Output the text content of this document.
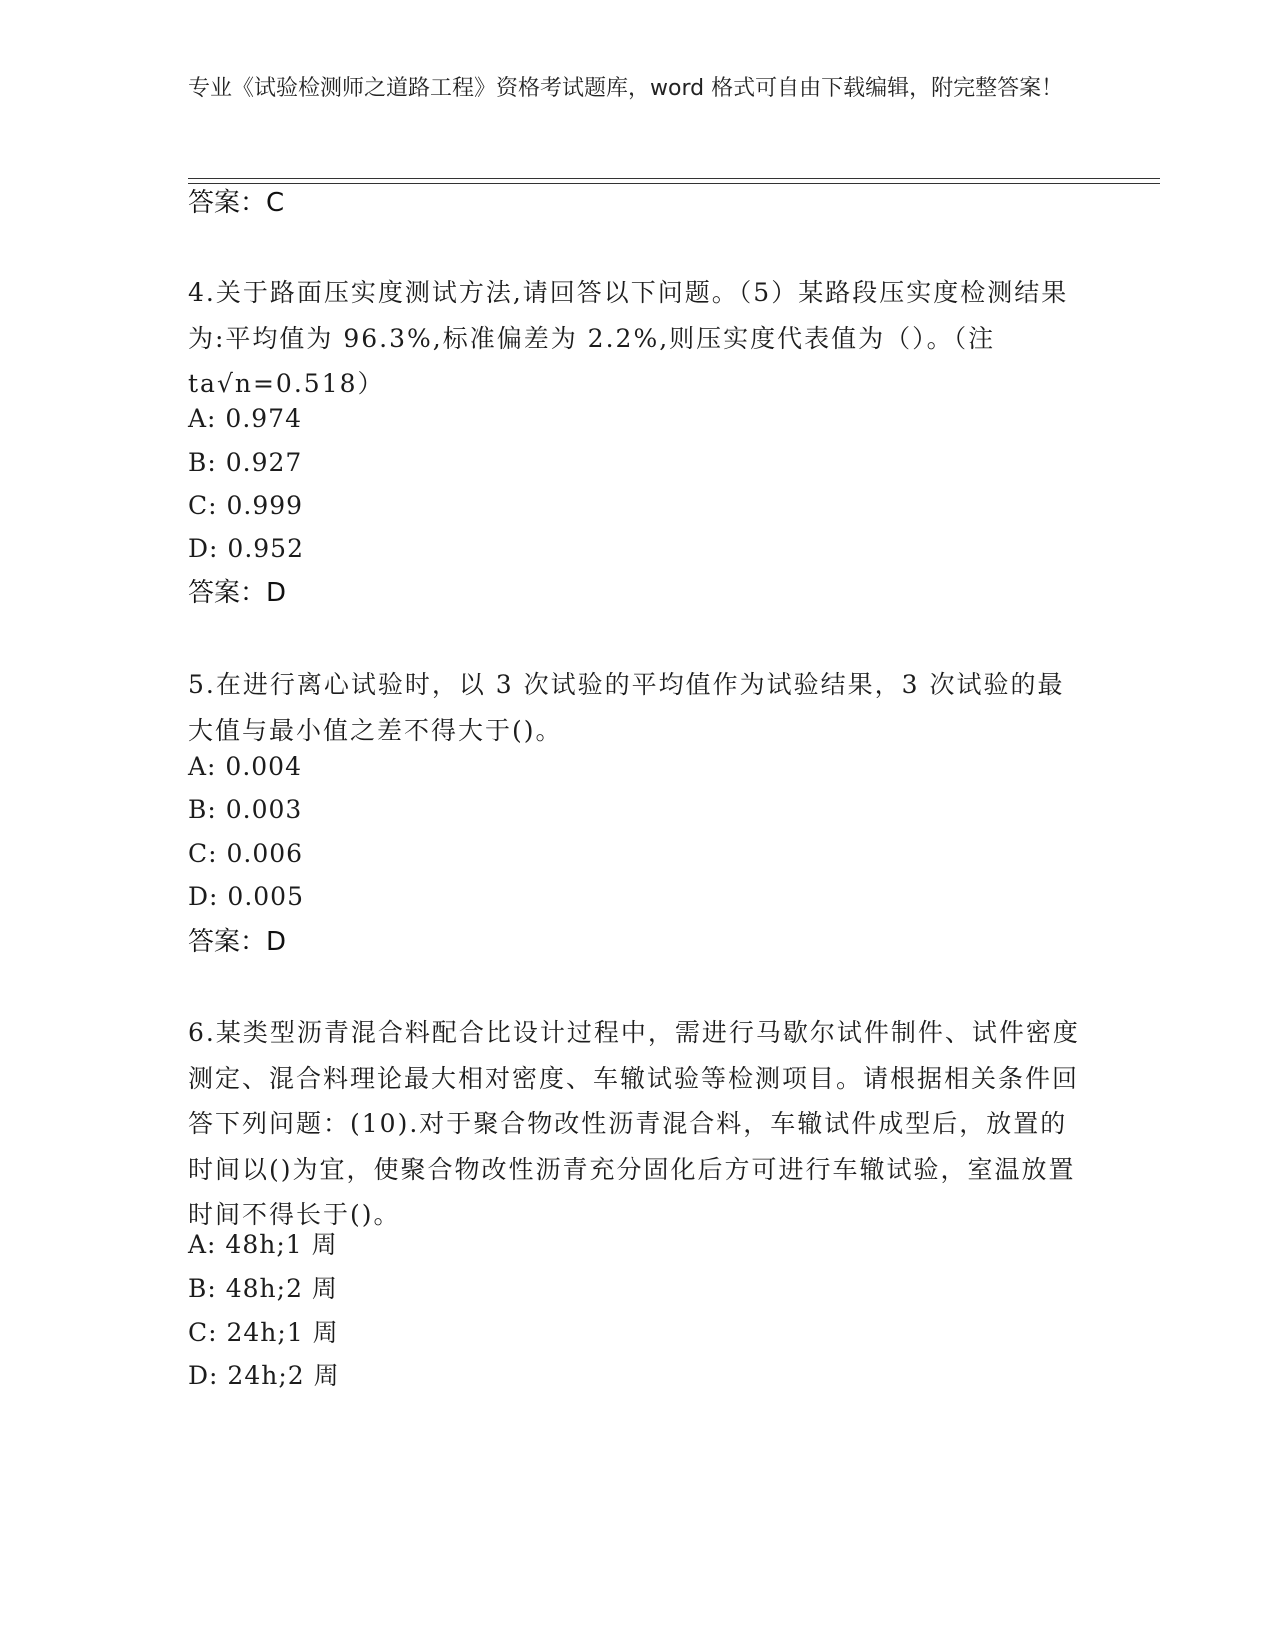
专业《试验检测师之道路工程》资格考试题库，word 格式可自由下载编辑，附完整答案！
答案：C
4.关于路面压实度测试方法,请回答以下问题。（5）某路段压实度检测结果为:平均值为 96.3%,标准偏差为 2.2%,则压实度代表值为（）。（注 ta√n=0.518）
A: 0.974
B: 0.927
C: 0.999
D: 0.952
答案：D
5.在进行离心试验时，以 3 次试验的平均值作为试验结果，3 次试验的最大值与最小值之差不得大于()。
A: 0.004
B: 0.003
C: 0.006
D: 0.005
答案：D
6.某类型沥青混合料配合比设计过程中，需进行马歇尔试件制件、试件密度测定、混合料理论最大相对密度、车辙试验等检测项目。请根据相关条件回答下列问题：(10).对于聚合物改性沥青混合料，车辙试件成型后，放置的时间以()为宜，使聚合物改性沥青充分固化后方可进行车辙试验，室温放置时间不得长于()。
A: 48h;1 周
B: 48h;2 周
C: 24h;1 周
D: 24h;2 周
